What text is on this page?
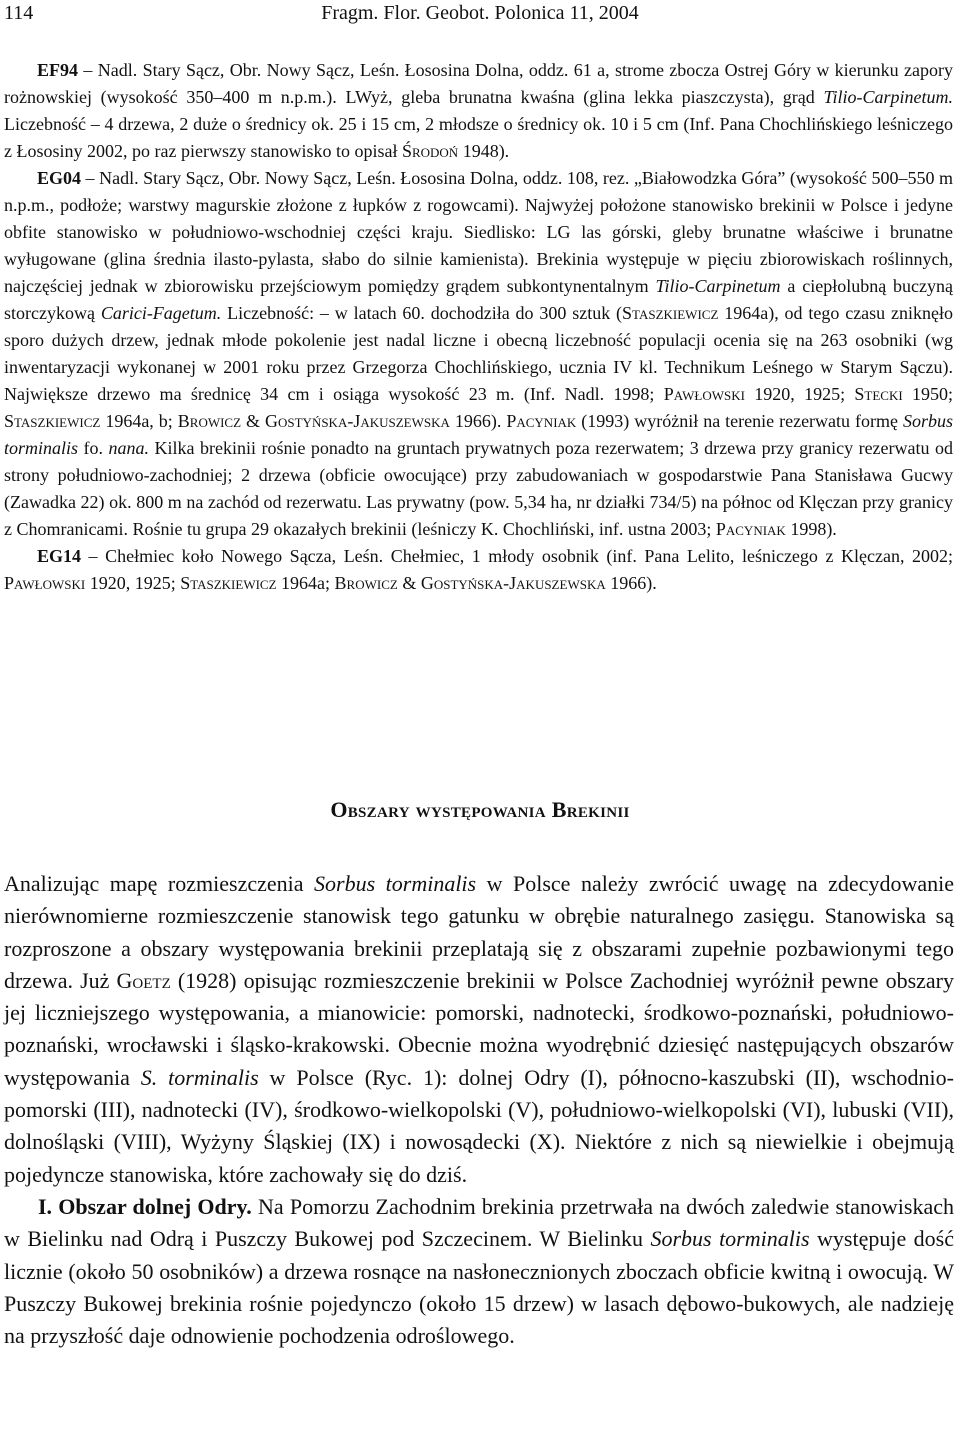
114	Fragm. Flor. Geobot. Polonica 11, 2004

EF94 – Nadl. Stary Sącz, Obr. Nowy Sącz, Leśn. Łososina Dolna, oddz. 61 a, strome zbocza Ostrej Góry w kierunku zapory rożnowskiej (wysokość 350–400 m n.p.m.). LWyż, gleba brunatna kwaśna (glina lekka piaszczysta), grąd Tilio-Carpinetum. Liczebność – 4 drzewa, 2 duże o średnicy ok. 25 i 15 cm, 2 młodsze o średnicy ok. 10 i 5 cm (Inf. Pana Chochlińskiego leśniczego z Łososiny 2002, po raz pierwszy stanowisko to opisał Środoń 1948).

EG04 – Nadl. Stary Sącz, Obr. Nowy Sącz, Leśn. Łososina Dolna, oddz. 108, rez. „Białowodzka Góra” (wysokość 500–550 m n.p.m., podłoże; warstwy magurskie złożone z łupków z rogowcami). Najwyżej położone stanowisko brekinii w Polsce i jedyne obfite stanowisko w południowo-wschodniej części kraju. Siedlisko: LG las górski, gleby brunatne właściwe i brunatne wyługowane (glina średnia ilasto-pylasta, słabo do silnie kamienista). Brekinia występuje w pięciu zbiorowiskach roślinnych, najczęściej jednak w zbiorowisku przejściowym pomiędzy grądem subkontynentalnym Tilio-Carpinetum a ciepłolubną buczyną storczykową Carici-Fagetum. Liczebność: – w latach 60. dochodziła do 300 sztuk (Staszkiewicz 1964a), od tego czasu zniknęło sporo dużych drzew, jednak młode pokolenie jest nadal liczne i obecną liczebność populacji ocenia się na 263 osobniki (wg inwentaryzacji wykonanej w 2001 roku przez Grzegorza Chochlińskiego, ucznia IV kl. Technikum Leśnego w Starym Sączu). Największe drzewo ma średnicę 34 cm i osiąga wysokość 23 m. (Inf. Nadl. 1998; Pawłowski 1920, 1925; Stecki 1950; Staszkiewicz 1964a, b; Browicz & Gostyńska-Jakuszewska 1966). Pacyniak (1993) wyróżnił na terenie rezerwatu formę Sorbus torminalis fo. nana. Kilka brekinii rośnie ponadto na gruntach prywatnych poza rezerwatem; 3 drzewa przy granicy rezerwatu od strony południowo-zachodniej; 2 drzewa (obficie owocujące) przy zabudowaniach w gospodarstwie Pana Stanisława Gucwy (Zawadka 22) ok. 800 m na zachód od rezerwatu. Las prywatny (pow. 5,34 ha, nr działki 734/5) na północ od Klęczan przy granicy z Chomranicami. Rośnie tu grupa 29 okazałych brekinii (leśniczy K. Chochliński, inf. ustna 2003; Pacyniak 1998).

EG14 – Chełmiec koło Nowego Sącza, Leśn. Chełmiec, 1 młody osobnik (inf. Pana Lelito, leśniczego z Klęczan, 2002; Pawłowski 1920, 1925; Staszkiewicz 1964a; Browicz & Gostyńska-Jakuszewska 1966).

Obszary występowania Brekinii

Analizując mapę rozmieszczenia Sorbus torminalis w Polsce należy zwrócić uwagę na zdecydowanie nierównomierne rozmieszczenie stanowisk tego gatunku w obrębie naturalnego zasięgu. Stanowiska są rozproszone a obszary występowania brekinii przeplatają się z obszarami zupełnie pozbawionymi tego drzewa. Już Goetz (1928) opisując rozmieszczenie brekinii w Polsce Zachodniej wyróżnił pewne obszary jej liczniejszego występowania, a mianowicie: pomorski, nadnotecki, środkowo-poznański, południowo-poznański, wrocławski i śląsko-krakowski. Obecnie można wyodrębnić dziesięć następujących obszarów występowania S. torminalis w Polsce (Ryc. 1): dolnej Odry (I), północno-kaszubski (II), wschodnio-pomorski (III), nadnotecki (IV), środkowo-wielkopolski (V), południowo-wielkopolski (VI), lubuski (VII), dolnośląski (VIII), Wyżyny Śląskiej (IX) i nowosądecki (X). Niektóre z nich są niewielkie i obejmują pojedyncze stanowiska, które zachowały się do dziś.

I. Obszar dolnej Odry. Na Pomorzu Zachodnim brekinia przetrwała na dwóch zaledwie stanowiskach w Bielinku nad Odrą i Puszczy Bukowej pod Szczecinem. W Bielinku Sorbus torminalis występuje dość licznie (około 50 osobników) a drzewa rosnące na nasłonecznionych zboczach obficie kwitną i owocują. W Puszczy Bukowej brekinia rośnie pojedynczo (około 15 drzew) w lasach dębowo-bukowych, ale nadzieję na przyszłość daje odnowienie pochodzenia odroślowego.
